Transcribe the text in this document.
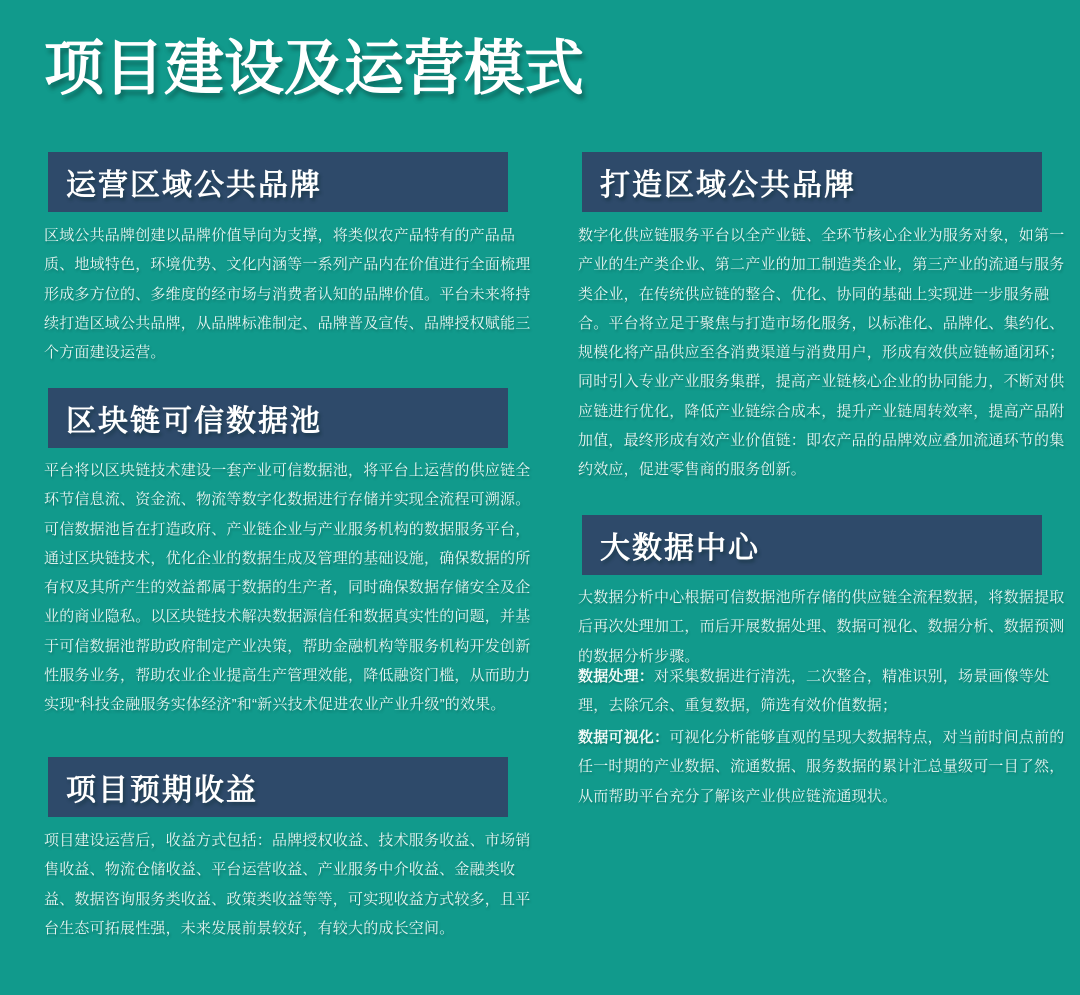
项目建设及运营模式
运营区域公共品牌

区域公共品牌创建以品牌价值导向为支撑，将类似农产品特有的产品品质、地域特色，环境优势、文化内涵等一系列产品内在价值进行全面梳理形成多方位的、多维度的经市场与消费者认知的品牌价值。平台未来将持续打造区域公共品牌，从品牌标准制定、品牌普及宣传、品牌授权赋能三个方面建设运营。

区块链可信数据池

平台将以区块链技术建设一套产业可信数据池，将平台上运营的供应链全环节信息流、资金流、物流等数字化数据进行存储并实现全流程可溯源。可信数据池旨在打造政府、产业链企业与产业服务机构的数据服务平台，通过区块链技术，优化企业的数据生成及管理的基础设施，确保数据的所有权及其所产生的效益都属于数据的生产者，同时确保数据存储安全及企业的商业隐私。以区块链技术解决数据源信任和数据真实性的问题，并基于可信数据池帮助政府制定产业决策，帮助金融机构等服务机构开发创新性服务业务，帮助农业企业提高生产管理效能，降低融资门槛，从而助力实现“科技金融服务实体经济”和“新兴技术促进农业产业升级”的效果。

项目预期收益

项目建设运营后，收益方式包括：品牌授权收益、技术服务收益、市场销售收益、物流仓储收益、平台运营收益、产业服务中介收益、金融类收益、数据咨询服务类收益、政策类收益等等，可实现收益方式较多，且平台生态可拓展性强，未来发展前景较好，有较大的成长空间。

打造区域公共品牌

数字化供应链服务平台以全产业链、全环节核心企业为服务对象，如第一产业的生产类企业、第二产业的加工制造类企业，第三产业的流通与服务类企业，在传统供应链的整合、优化、协同的基础上实现进一步服务融合。平台将立足于聚焦与打造市场化服务，以标准化、品牌化、集约化、规模化将产品供应至各消费渠道与消费用户，形成有效供应链畅通闭环；同时引入专业产业服务集群，提高产业链核心企业的协同能力，不断对供应链进行优化，降低产业链综合成本，提升产业链周转效率，提高产品附加值，最终形成有效产业价值链：即农产品的品牌效应叠加流通环节的集约效应，促进零售商的服务创新。

大数据中心

大数据分析中心根据可信数据池所存储的供应链全流程数据，将数据提取后再次处理加工，而后开展数据处理、数据可视化、数据分析、数据预测的数据分析步骤。

数据处理：对采集数据进行清洗，二次整合，精准识别，场景画像等处理，去除冗余、重复数据，筛选有效价值数据；

数据可视化：可视化分析能够直观的呈现大数据特点，对当前时间点前的任一时期的产业数据、流通数据、服务数据的累计汇总量级可一目了然，从而帮助平台充分了解该产业供应链流通现状。
